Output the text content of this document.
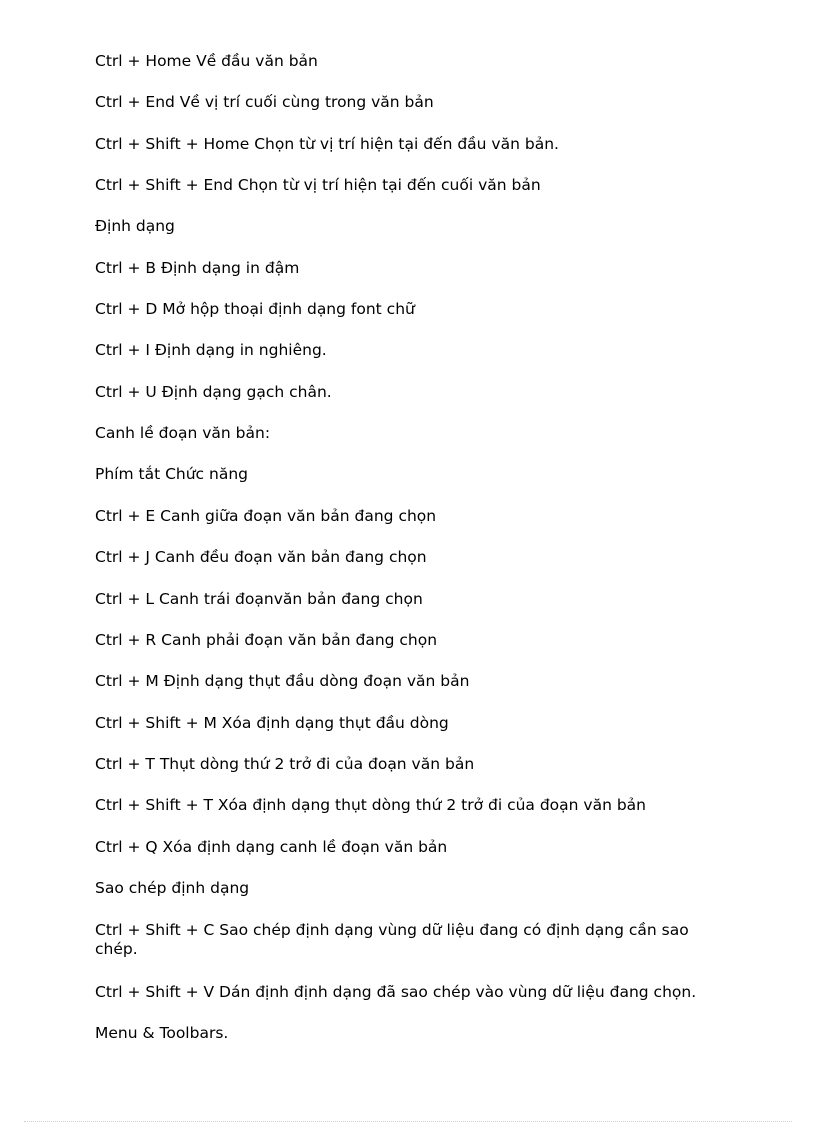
Ctrl + Home Về đầu văn bản
Ctrl + End Về vị trí cuối cùng trong văn bản
Ctrl + Shift + Home Chọn từ vị trí hiện tại đến đầu văn bản.
Ctrl + Shift + End Chọn từ vị trí hiện tại đến cuối văn bản
Định dạng
Ctrl + B Định dạng in đậm
Ctrl + D Mở hộp thoại định dạng font chữ
Ctrl + I Định dạng in nghiêng.
Ctrl + U Định dạng gạch chân.
Canh lề đoạn văn bản:
Phím tắt Chức năng
Ctrl + E Canh giữa đoạn văn bản đang chọn
Ctrl + J Canh đều đoạn văn bản đang chọn
Ctrl + L Canh trái đoạnvăn bản đang chọn
Ctrl + R Canh phải đoạn văn bản đang chọn
Ctrl + M Định dạng thụt đầu dòng đoạn văn bản
Ctrl + Shift + M Xóa định dạng thụt đầu dòng
Ctrl + T Thụt dòng thứ 2 trở đi của đoạn văn bản
Ctrl + Shift + T Xóa định dạng thụt dòng thứ 2 trở đi của đoạn văn bản
Ctrl + Q Xóa định dạng canh lề đoạn văn bản
Sao chép định dạng
Ctrl + Shift + C Sao chép định dạng vùng dữ liệu đang có định dạng cần sao chép.
Ctrl + Shift + V Dán định định dạng đã sao chép vào vùng dữ liệu đang chọn.
Menu & Toolbars.
